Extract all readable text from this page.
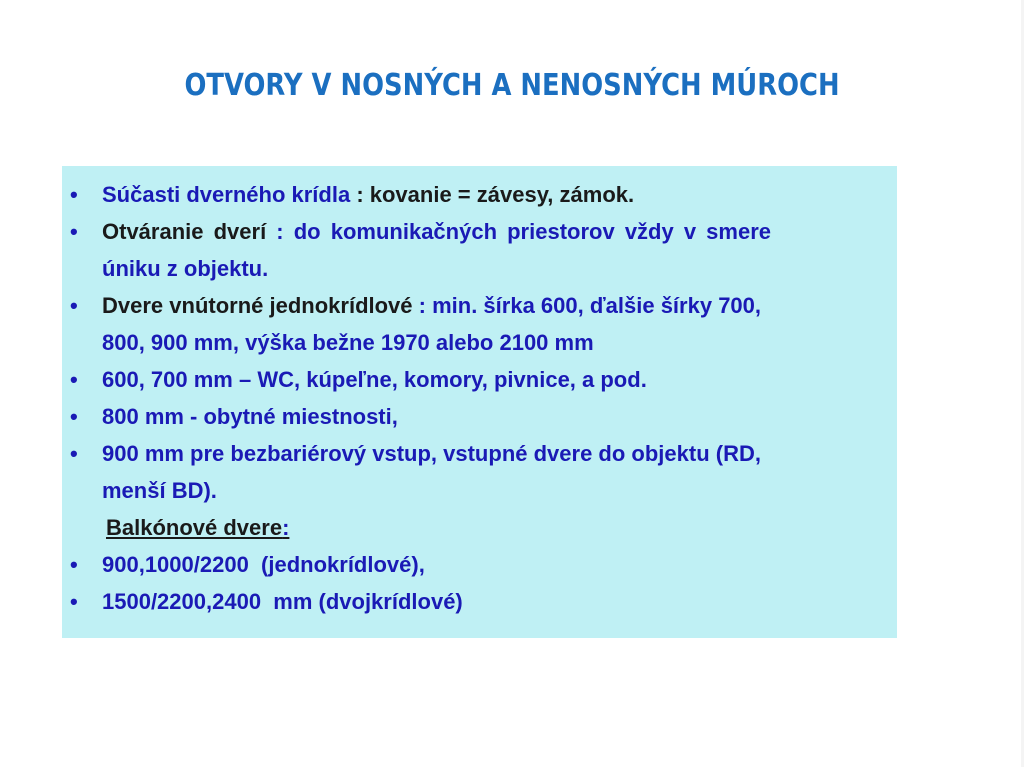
OTVORY V NOSNÝCH A NENOSNÝCH MÚROCH
• Súčasti dverného krídla : kovanie = závesy, zámok.
• Otváranie dverí : do komunikačných priestorov vždy v smere
úniku z objektu.
• Dvere vnútorné jednokrídlové : min. šírka 600, ďalšie šírky 700,
800, 900 mm, výška bežne 1970 alebo 2100 mm
• 600, 700 mm – WC, kúpeľne, komory, pivnice, a pod.
• 800 mm - obytné miestnosti,
• 900 mm pre bezbariérový vstup, vstupné dvere do objektu (RD,
menší BD).
Balkónové dvere:
• 900,1000/2200  (jednokrídlové),
• 1500/2200,2400  mm (dvojkrídlové)
